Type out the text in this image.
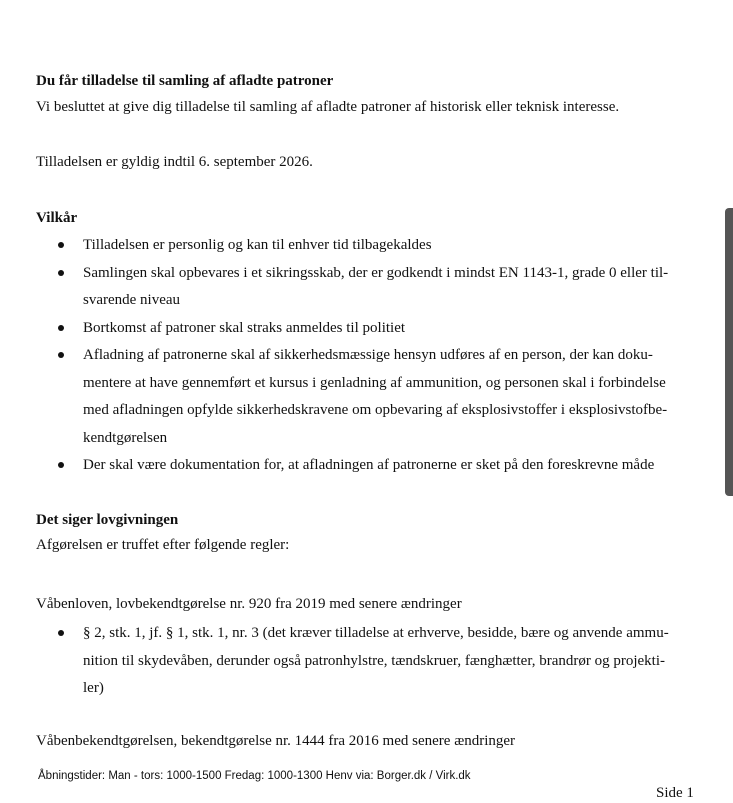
Du får tilladelse til samling af afladte patroner
Vi besluttet at give dig tilladelse til samling af afladte patroner af historisk eller teknisk interesse.
Tilladelsen er gyldig indtil 6. september 2026.
Vilkår
Tilladelsen er personlig og kan til enhver tid tilbagekaldes
Samlingen skal opbevares i et sikringsskab, der er godkendt i mindst EN 1143-1, grade 0 eller til-
svarende niveau
Bortkomst af patroner skal straks anmeldes til politiet
Afladning af patronerne skal af sikkerhedsmæssige hensyn udføres af en person, der kan doku-
mentere at have gennemført et kursus i genladning af ammunition, og personen skal i forbindelse
med afladningen opfylde sikkerhedskravene om opbevaring af eksplosivstoffer i eksplosivstofbe-
kendtgørelsen
Der skal være dokumentation for, at afladningen af patronerne er sket på den foreskrevne måde
Det siger lovgivningen
Afgørelsen er truffet efter følgende regler:
Våbenloven, lovbekendtgørelse nr. 920 fra 2019 med senere ændringer
§ 2, stk. 1, jf. § 1, stk. 1, nr. 3 (det kræver tilladelse at erhverve, besidde, bære og anvende ammu-
nition til skydevåben, derunder også patronhylstre, tændskruer, fænghætter, brandrør og projekti-
ler)
Våbenbekendtgørelsen, bekendtgørelse nr. 1444 fra 2016 med senere ændringer
Åbningstider: Man - tors: 1000-1500 Fredag: 1000-1300 Henv via: Borger.dk / Virk.dk
Side 1
